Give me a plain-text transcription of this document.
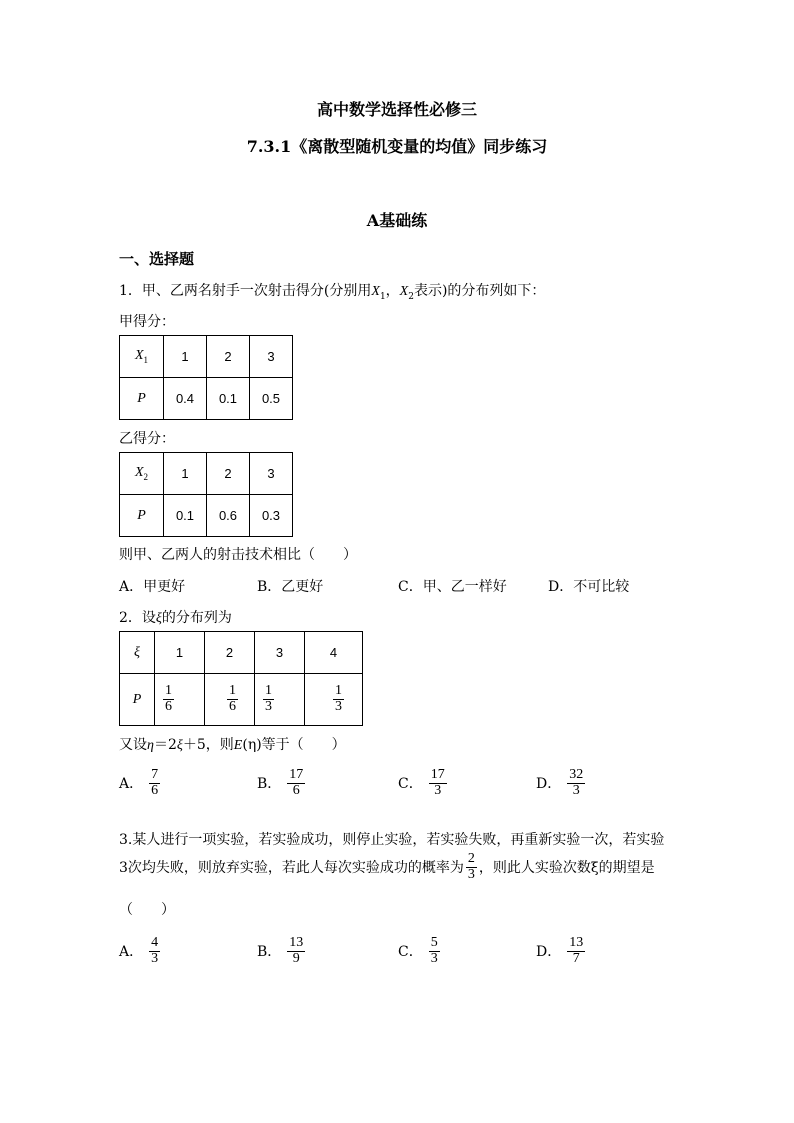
高中数学选择性必修三
7.3.1《离散型随机变量的均值》同步练习
A基础练
一、选择题
1．甲、乙两名射手一次射击得分(分别用$X_1$，$X_2$表示)的分布列如下：
甲得分：
$X_1$	1	2	3
P	0.4	0.1	0.5
乙得分：
$X_2$	1	2	3
P	0.1	0.6	0.3
则甲、乙两人的射击技术相比（　　）
A．甲更好	B．乙更好	C．甲、乙一样好	D．不可比较
2．设ξ的分布列为
ξ	1	2	3	4
P	$\frac{1}{6}$	$\frac{1}{6}$	$\frac{1}{3}$	$\frac{1}{3}$
又设η＝2ξ＋5，则E(η)等于（　　）
A． $\frac{7}{6}$	B． $\frac{17}{6}$	C． $\frac{17}{3}$	D． $\frac{32}{3}$
3.某人进行一项实验，若实验成功，则停止实验，若实验失败，再重新实验一次，若实验
3次均失败，则放弃实验，若此人每次实验成功的概率为 $\frac{2}{3}$ ，则此人实验次数ξ的期望是
（　　）
A． $\frac{4}{3}$	B． $\frac{13}{9}$	C． $\frac{5}{3}$	D． $\frac{13}{7}$
